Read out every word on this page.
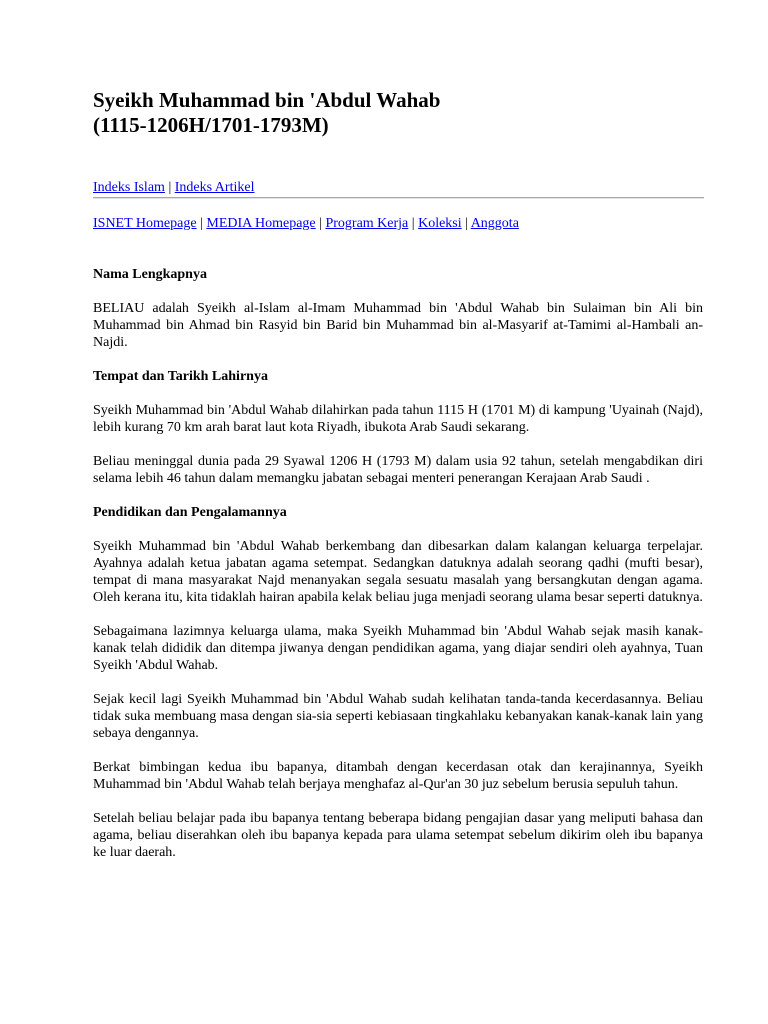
Syeikh Muhammad bin 'Abdul Wahab
(1115-1206H/1701-1793M)
Indeks Islam | Indeks Artikel
ISNET Homepage | MEDIA Homepage | Program Kerja | Koleksi | Anggota
Nama Lengkapnya

BELIAU adalah Syeikh al-Islam al-Imam Muhammad bin 'Abdul Wahab bin Sulaiman bin Ali bin Muhammad bin Ahmad bin Rasyid bin Barid bin Muhammad bin al-Masyarif at-Tamimi al-Hambali an-Najdi.

Tempat dan Tarikh Lahirnya

Syeikh Muhammad bin 'Abdul Wahab dilahirkan pada tahun 1115 H (1701 M) di kampung 'Uyainah (Najd), lebih kurang 70 km arah barat laut kota Riyadh, ibukota Arab Saudi sekarang.

Beliau meninggal dunia pada 29 Syawal 1206 H (1793 M) dalam usia 92 tahun, setelah mengabdikan diri selama lebih 46 tahun dalam memangku jabatan sebagai menteri penerangan Kerajaan Arab Saudi .

Pendidikan dan Pengalamannya

Syeikh Muhammad bin 'Abdul Wahab berkembang dan dibesarkan dalam kalangan keluarga terpelajar. Ayahnya adalah ketua jabatan agama setempat. Sedangkan datuknya adalah seorang qadhi (mufti besar), tempat di mana masyarakat Najd menanyakan segala sesuatu masalah yang bersangkutan dengan agama. Oleh kerana itu, kita tidaklah hairan apabila kelak beliau juga menjadi seorang ulama besar seperti datuknya.

Sebagaimana lazimnya keluarga ulama, maka Syeikh Muhammad bin 'Abdul Wahab sejak masih kanak-kanak telah dididik dan ditempa jiwanya dengan pendidikan agama, yang diajar sendiri oleh ayahnya, Tuan Syeikh 'Abdul Wahab.

Sejak kecil lagi Syeikh Muhammad bin 'Abdul Wahab sudah kelihatan tanda-tanda kecerdasannya. Beliau tidak suka membuang masa dengan sia-sia seperti kebiasaan tingkahlaku kebanyakan kanak-kanak lain yang sebaya dengannya.

Berkat bimbingan kedua ibu bapanya, ditambah dengan kecerdasan otak dan kerajinannya, Syeikh Muhammad bin 'Abdul Wahab telah berjaya menghafaz al-Qur'an 30 juz sebelum berusia sepuluh tahun.

Setelah beliau belajar pada ibu bapanya tentang beberapa bidang pengajian dasar yang meliputi bahasa dan agama, beliau diserahkan oleh ibu bapanya kepada para ulama setempat sebelum dikirim oleh ibu bapanya ke luar daerah.
